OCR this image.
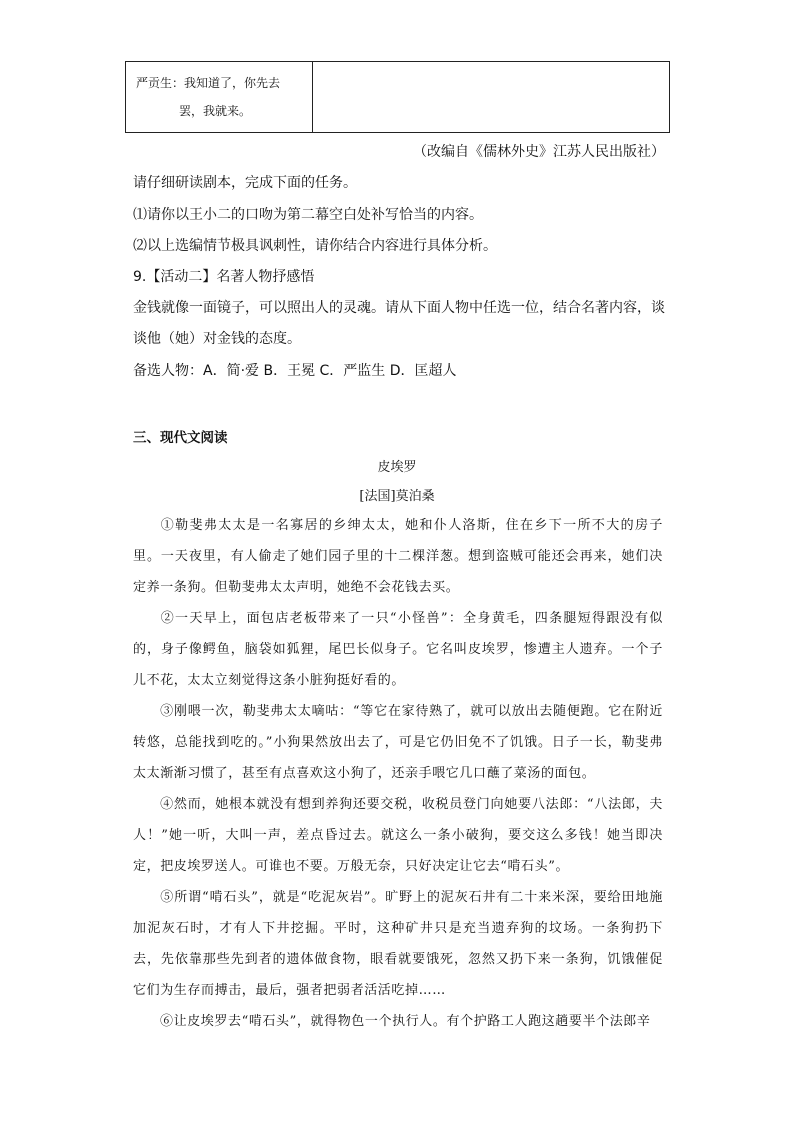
严贡生：我知道了，你先去
罢，我就来。

（改编自《儒林外史》江苏人民出版社）
请仔细研读剧本，完成下面的任务。
⑴请你以王小二的口吻为第二幕空白处补写恰当的内容。
⑵以上选编情节极具讽刺性，请你结合内容进行具体分析。
9.【活动二】名著人物抒感悟
金钱就像一面镜子，可以照出人的灵魂。请从下面人物中任选一位，结合名著内容，谈
谈他（她）对金钱的态度。
备选人物：A．简·爱 B．王冕 C．严监生 D．匡超人
三、现代文阅读
皮埃罗
[法国]莫泊桑
①勒斐弗太太是一名寡居的乡绅太太，她和仆人洛斯，住在乡下一所不大的房子里。一天夜里，有人偷走了她们园子里的十二棵洋葱。想到盗贼可能还会再来，她们决定养一条狗。但勒斐弗太太声明，她绝不会花钱去买。
②一天早上，面包店老板带来了一只“小怪兽”：全身黄毛，四条腿短得跟没有似的，身子像鳄鱼，脑袋如狐狸，尾巴长似身子。它名叫皮埃罗，惨遭主人遗弃。一个子儿不花，太太立刻觉得这条小脏狗挺好看的。
③刚喂一次，勒斐弗太太嘀咕：“等它在家待熟了，就可以放出去随便跑。它在附近转悠，总能找到吃的。”小狗果然放出去了，可是它仍旧免不了饥饿。日子一长，勒斐弗太太渐渐习惯了，甚至有点喜欢这小狗了，还亲手喂它几口蘸了菜汤的面包。
④然而，她根本就没有想到养狗还要交税，收税员登门向她要八法郎：“八法郎，夫人！”她一听，大叫一声，差点昏过去。就这么一条小破狗，要交这么多钱！她当即决定，把皮埃罗送人。可谁也不要。万般无奈，只好决定让它去“啃石头”。
⑤所谓“啃石头”，就是“吃泥灰岩”。旷野上的泥灰石井有二十来米深，要给田地施加泥灰石时，才有人下井挖掘。平时，这种矿井只是充当遗弃狗的坟场。一条狗扔下去，先依靠那些先到者的遗体做食物，眼看就要饿死，忽然又扔下来一条狗，饥饿催促它们为生存而搏击，最后，强者把弱者活活吃掉……
⑥让皮埃罗去“啃石头”，就得物色一个执行人。有个护路工人跑这趟要半个法郎辛
